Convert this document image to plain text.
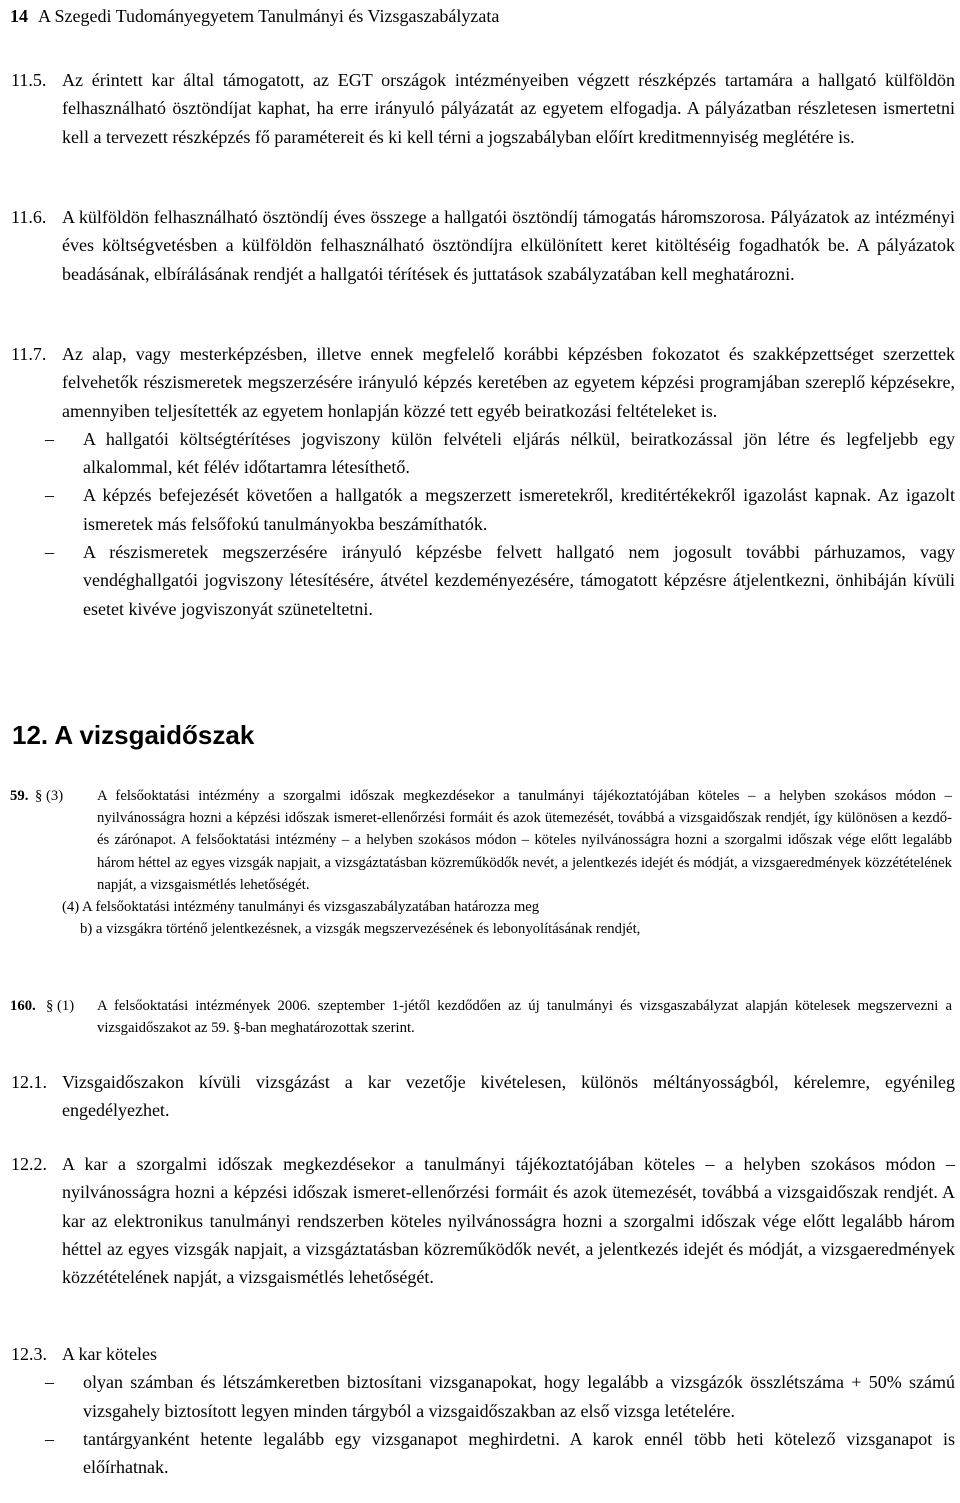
14 A Szegedi Tudományegyetem Tanulmányi és Vizsgaszabályzata
11.5. Az érintett kar által támogatott, az EGT országok intézményeiben végzett részképzés tartamára a hallgató külföldön felhasználható ösztöndíjat kaphat, ha erre irányuló pályázatát az egyetem elfogadja. A pályázatban részletesen ismertetni kell a tervezett részképzés fő paramétereit és ki kell térni a jogszabályban előírt kreditmennyiség meglétére is.
11.6. A külföldön felhasználható ösztöndíj éves összege a hallgatói ösztöndíj támogatás háromszorosa. Pályázatok az intézményi éves költségvetésben a külföldön felhasználható ösztöndíjra elkülönített keret kitöltéséig fogadhatók be. A pályázatok beadásának, elbírálásának rendjét a hallgatói térítések és juttatások szabályzatában kell meghatározni.
11.7. Az alap, vagy mesterképzésben, illetve ennek megfelelő korábbi képzésben fokozatot és szakképzettséget szerzettek felvehetők részismeretek megszerzésére irányuló képzés keretében az egyetem képzési programjában szereplő képzésekre, amennyiben teljesítették az egyetem honlapján közzé tett egyéb beiratkozási feltételeket is.
– A hallgatói költségtérítéses jogviszony külön felvételi eljárás nélkül, beiratkozással jön létre és legfeljebb egy alkalommal, két félév időtartamra létesíthető.
– A képzés befejezését követően a hallgatók a megszerzett ismeretekről, kreditértékekről igazolást kapnak. Az igazolt ismeretek más felsőfokú tanulmányokba beszámíthatók.
– A részismeretek megszerzésére irányuló képzésbe felvett hallgató nem jogosult további párhuzamos, vagy vendéghallgatói jogviszony létesítésére, átvétel kezdeményezésére, támogatott képzésre átjelentkezni, önhibáján kívüli esetet kivéve jogviszonyát szüneteltetni.
12. A vizsgaidőszak
59. § (3) A felsőoktatási intézmény a szorgalmi időszak megkezdésekor a tanulmányi tájékoztatójában köteles – a helyben szokásos módon – nyilvánosságra hozni a képzési időszak ismeret-ellenőrzési formáit és azok ütemezését, továbbá a vizsgaidőszak rendjét, így különösen a kezdő- és zárónapot. A felsőoktatási intézmény – a helyben szokásos módon – köteles nyilvánosságra hozni a szorgalmi időszak vége előtt legalább három héttel az egyes vizsgák napjait, a vizsgáztatásban közreműködők nevét, a jelentkezés idejét és módját, a vizsgaeredmények közzétételének napját, a vizsgaismétlés lehetőségét.
(4) A felsőoktatási intézmény tanulmányi és vizsgaszabályzatában határozza meg
b) a vizsgákra történő jelentkezésnek, a vizsgák megszervezésének és lebonyolításának rendjét,
160. § (1) A felsőoktatási intézmények 2006. szeptember 1-jétől kezdődően az új tanulmányi és vizsgaszabályzat alapján kötelesek megszervezni a vizsgaidőszakot az 59. §-ban meghatározottak szerint.
12.1. Vizsgaidőszakon kívüli vizsgázást a kar vezetője kivételesen, különös méltányosságból, kérelemre, egyénileg engedélyezhet.
12.2. A kar a szorgalmi időszak megkezdésekor a tanulmányi tájékoztatójában köteles – a helyben szokásos módon – nyilvánosságra hozni a képzési időszak ismeret-ellenőrzési formáit és azok ütemezését, továbbá a vizsgaidőszak rendjét. A kar az elektronikus tanulmányi rendszerben köteles nyilvánosságra hozni a szorgalmi időszak vége előtt legalább három héttel az egyes vizsgák napjait, a vizsgáztatásban közreműködők nevét, a jelentkezés idejét és módját, a vizsgaeredmények közzétételének napját, a vizsgaismétlés lehetőségét.
12.3. A kar köteles
– olyan számban és létszámkeretben biztosítani vizsganapokat, hogy legalább a vizsgázók összlétszáma + 50% számú vizsgahely biztosított legyen minden tárgyból a vizsgaidőszakban az első vizsga letételére.
– tantárgyanként hetente legalább egy vizsganapot meghirdetni. A karok ennél több heti kötelező vizsganapot is előírhatnak.
